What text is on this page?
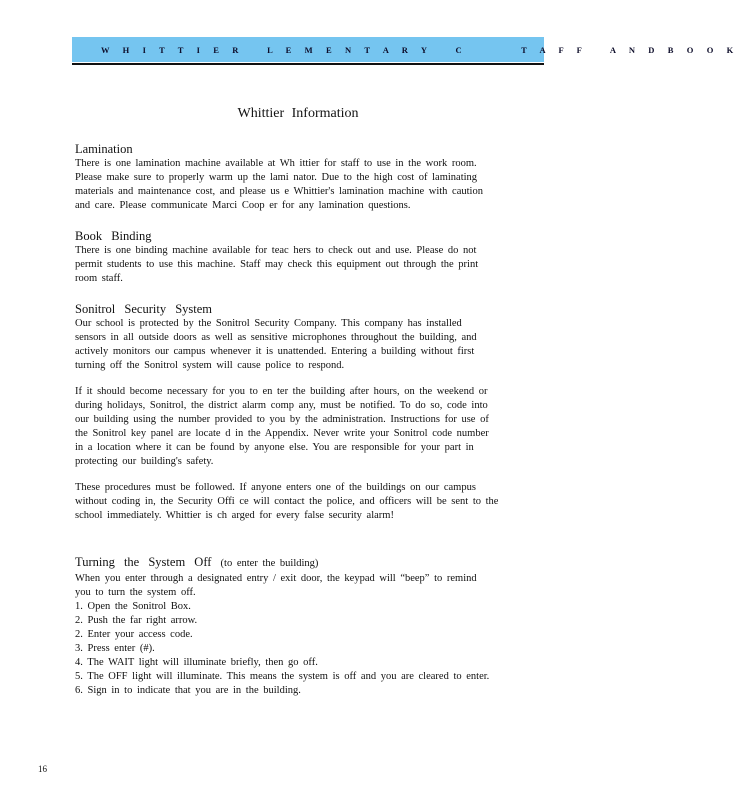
W H I T T I E R   L E M E N T A R Y   C       T A F F   A N D B O O K
Whittier Information
Lamination

There is one lamination machine available at Wh ittier for staff to use in the work room.

Please make sure to properly warm up the lami nator. Due to the high cost of laminating

materials and maintenance cost, and please us e Whittier's lamination machine with caution

and care. Please communicate Marci Coop er for any lamination questions.

Book Binding

There is one binding machine available for teac hers to check out and use. Please do not

permit students to use this machine. Staff may check this equipment out through the print

room staff.

Sonitrol Security System

Our school is protected by the Sonitrol Security Company. This company has installed

sensors in all outside doors as well as sensitive microphones throughout the building, and

actively monitors our campus whenever it is unattended. Entering a building without first

turning off the Sonitrol system will cause police to respond.

If it should become necessary for you to en ter the building after hours, on the weekend or

during holidays, Sonitrol, the district alarm comp any, must be notified. To do so, code into

our building using the number provided to you by the administration. Instructions for use of

the Sonitrol key panel are locate d in the Appendix. Never write your Sonitrol code number

in a location where it can be found by anyone else. You are responsible for your part in

protecting our building's safety.

These procedures must be followed. If anyone enters one of the buildings on our campus

without coding in, the Security Offi ce will contact the police, and officers will be sent to the

school immediately. Whittier is ch arged for every false security alarm!

Turning the System Off (to enter the building)

When you enter through a designated entry / exit door, the keypad will “beep” to remind

you to turn the system off.

1. Open the Sonitrol Box.

2. Push the far right arrow.

2. Enter your access code.

3. Press enter (#).

4. The WAIT light will illuminate briefly, then go off.

5. The OFF light will illuminate. This means the system is off and you are cleared to enter.

6. Sign in to indicate that you are in the building.

16
